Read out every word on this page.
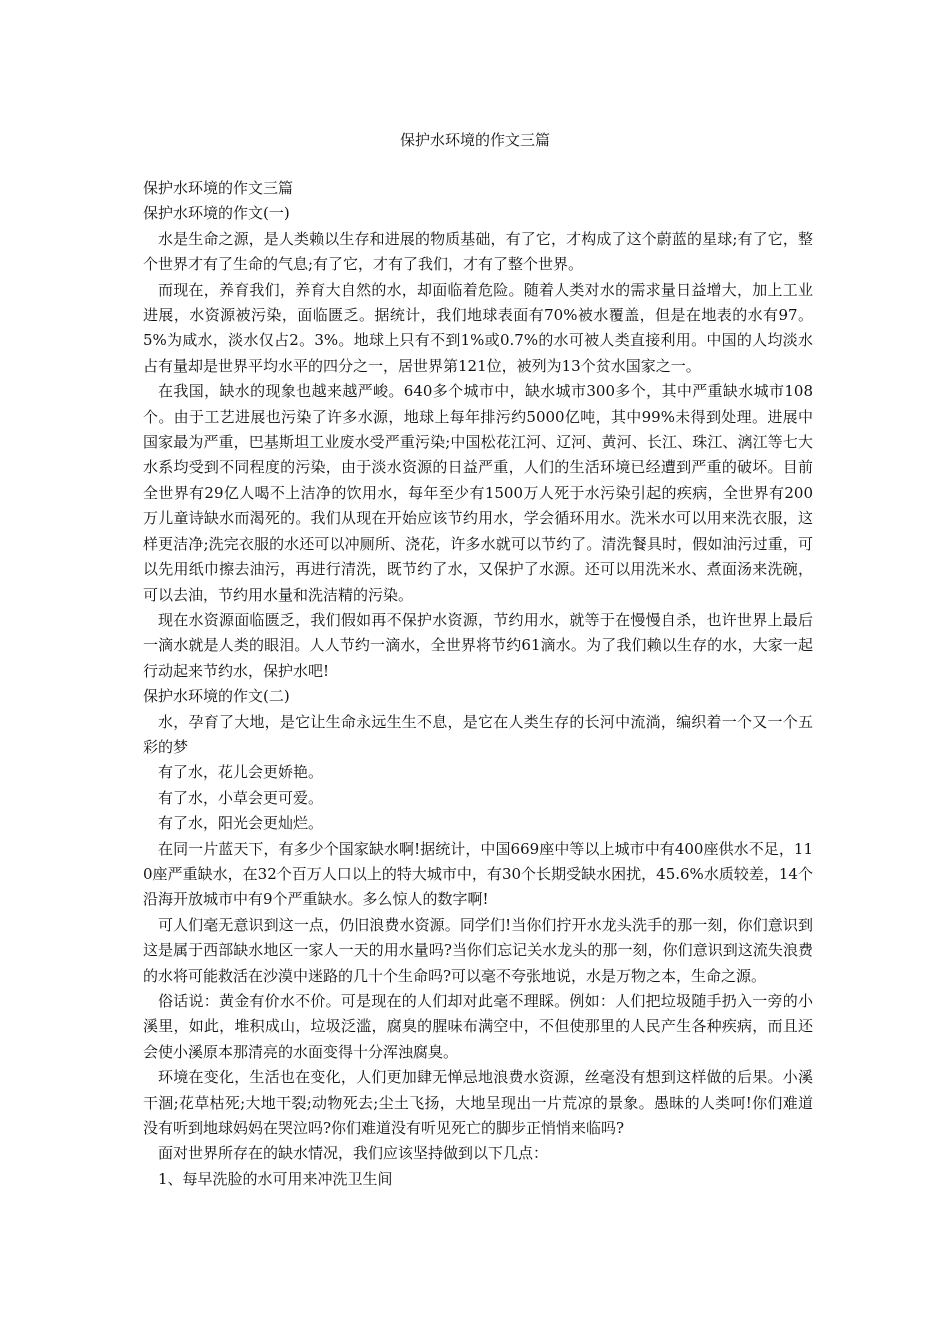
保护水环境的作文三篇

保护水环境的作文三篇

保护水环境的作文(一)

水是生命之源，是人类赖以生存和进展的物质基础，有了它，才构成了这个蔚蓝的星球;有了它，整个世界才有了生命的气息;有了它，才有了我们，才有了整个世界。

而现在，养育我们，养育大自然的水，却面临着危险。随着人类对水的需求量日益增大，加上工业进展，水资源被污染，面临匮乏。据统计，我们地球表面有70%被水覆盖，但是在地表的水有97。5%为咸水，淡水仅占2。3%。地球上只有不到1%或0.7%的水可被人类直接利用。中国的人均淡水占有量却是世界平均水平的四分之一，居世界第121位，被列为13个贫水国家之一。

在我国，缺水的现象也越来越严峻。640多个城市中，缺水城市300多个，其中严重缺水城市108个。由于工艺进展也污染了许多水源，地球上每年排污约5000亿吨，其中99%未得到处理。进展中国家最为严重，巴基斯坦工业废水受严重污染;中国松花江河、辽河、黄河、长江、珠江、漓江等七大水系均受到不同程度的污染，由于淡水资源的日益严重，人们的生活环境已经遭到严重的破坏。目前全世界有29亿人喝不上洁净的饮用水，每年至少有1500万人死于水污染引起的疾病，全世界有200万儿童诗缺水而渴死的。我们从现在开始应该节约用水，学会循环用水。洗米水可以用来洗衣服，这样更洁净;洗完衣服的水还可以冲厕所、浇花，许多水就可以节约了。清洗餐具时，假如油污过重，可以先用纸巾擦去油污，再进行清洗，既节约了水，又保护了水源。还可以用洗米水、煮面汤来洗碗，可以去油，节约用水量和洗洁精的污染。

现在水资源面临匮乏，我们假如再不保护水资源，节约用水，就等于在慢慢自杀，也许世界上最后一滴水就是人类的眼泪。人人节约一滴水，全世界将节约61滴水。为了我们赖以生存的水，大家一起行动起来节约水，保护水吧!

保护水环境的作文(二)

水，孕育了大地，是它让生命永远生生不息，是它在人类生存的长河中流淌，编织着一个又一个五彩的梦

有了水，花儿会更娇艳。

有了水，小草会更可爱。

有了水，阳光会更灿烂。

在同一片蓝天下，有多少个国家缺水啊!据统计，中国669座中等以上城市中有400座供水不足，110座严重缺水，在32个百万人口以上的特大城市中，有30个长期受缺水困扰，45.6%水质较差，14个沿海开放城市中有9个严重缺水。多么惊人的数字啊!

可人们毫无意识到这一点，仍旧浪费水资源。同学们!当你们拧开水龙头洗手的那一刻，你们意识到这是属于西部缺水地区一家人一天的用水量吗?当你们忘记关水龙头的那一刻，你们意识到这流失浪费的水将可能救活在沙漠中迷路的几十个生命吗?可以毫不夸张地说，水是万物之本，生命之源。

俗话说：黄金有价水不价。可是现在的人们却对此毫不理睬。例如：人们把垃圾随手扔入一旁的小溪里，如此，堆积成山，垃圾泛滥，腐臭的腥味布满空中，不但使那里的人民产生各种疾病，而且还会使小溪原本那清亮的水面变得十分浑浊腐臭。

环境在变化，生活也在变化，人们更加肆无惮忌地浪费水资源，丝毫没有想到这样做的后果。小溪干涸;花草枯死;大地干裂;动物死去;尘土飞扬，大地呈现出一片荒凉的景象。愚昧的人类呵!你们难道没有听到地球妈妈在哭泣吗?你们难道没有听见死亡的脚步正悄悄来临吗?

面对世界所存在的缺水情况，我们应该坚持做到以下几点：

1、每早洗脸的水可用来冲洗卫生间
